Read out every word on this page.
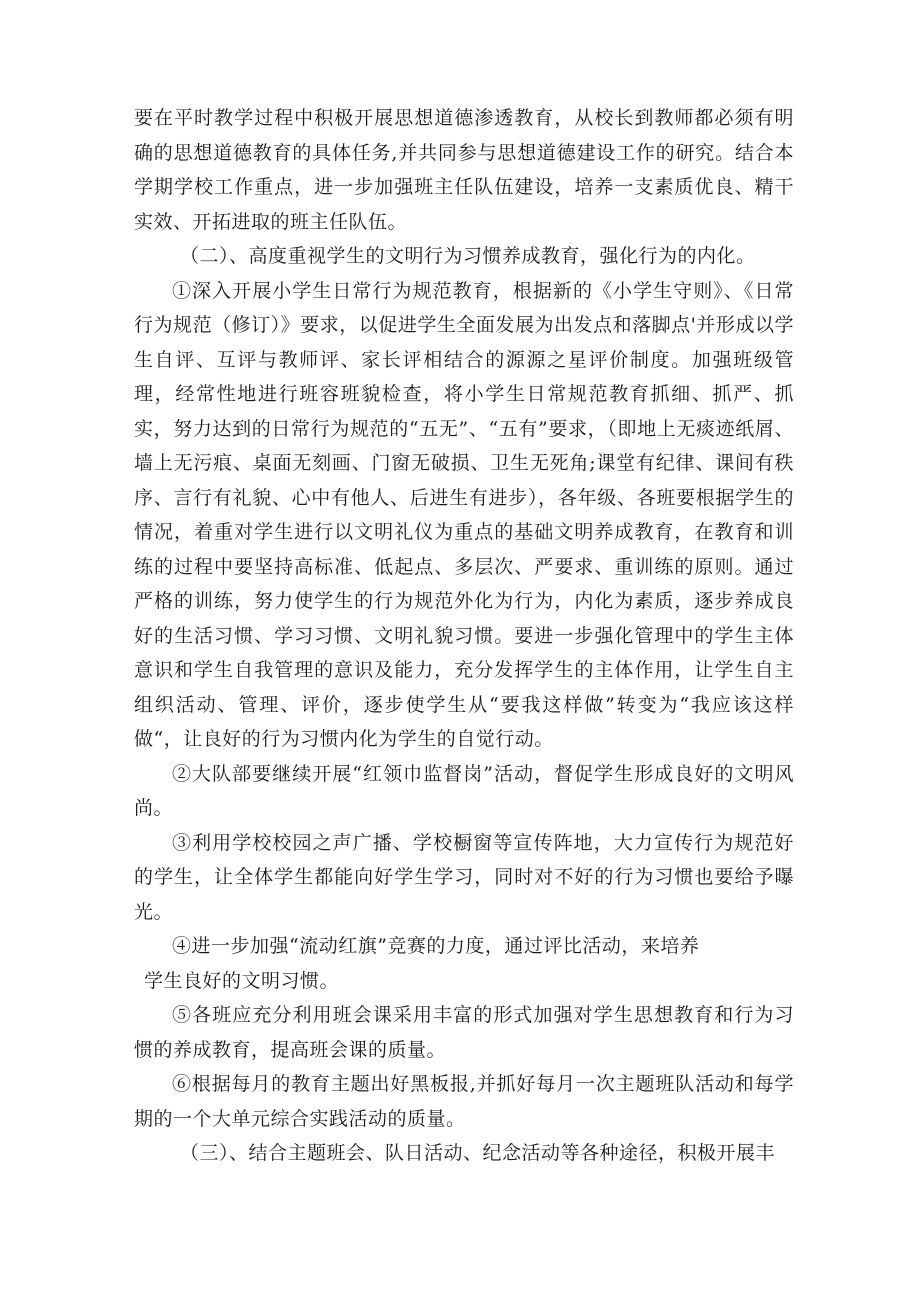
要在平时教学过程中积极开展思想道德渗透教育，从校长到教师都必须有明确的思想道德教育的具体任务,并共同参与思想道德建设工作的研究。结合本学期学校工作重点，进一步加强班主任队伍建设，培养一支素质优良、精干实效、开拓进取的班主任队伍。

（二）、高度重视学生的文明行为习惯养成教育，强化行为的内化。

①深入开展小学生日常行为规范教育，根据新的《小学生守则》、《日常行为规范（修订）》要求，以促进学生全面发展为出发点和落脚点'并形成以学生自评、互评与教师评、家长评相结合的源源之星评价制度。加强班级管理，经常性地进行班容班貌检查，将小学生日常规范教育抓细、抓严、抓实，努力达到的日常行为规范的“五无”、“五有”要求，（即地上无痰迹纸屑、墙上无污痕、桌面无刻画、门窗无破损、卫生无死角;课堂有纪律、课间有秩序、言行有礼貌、心中有他人、后进生有进步），各年级、各班要根据学生的情况，着重对学生进行以文明礼仪为重点的基础文明养成教育，在教育和训练的过程中要坚持高标准、低起点、多层次、严要求、重训练的原则。通过严格的训练，努力使学生的行为规范外化为行为，内化为素质，逐步养成良好的生活习惯、学习习惯、文明礼貌习惯。要进一步强化管理中的学生主体意识和学生自我管理的意识及能力，充分发挥学生的主体作用，让学生自主组织活动、管理、评价，逐步使学生从“要我这样做”转变为“我应该这样做“，让良好的行为习惯内化为学生的自觉行动。

②大队部要继续开展“红领巾监督岗”活动，督促学生形成良好的文明风尚。

③利用学校校园之声广播、学校橱窗等宣传阵地，大力宣传行为规范好的学生，让全体学生都能向好学生学习，同时对不好的行为习惯也要给予曝光。

④进一步加强“流动红旗”竞赛的力度，通过评比活动，来培养

学生良好的文明习惯。

⑤各班应充分利用班会课采用丰富的形式加强对学生思想教育和行为习惯的养成教育，提高班会课的质量。

⑥根据每月的教育主题出好黑板报,并抓好每月一次主题班队活动和每学期的一个大单元综合实践活动的质量。

（三）、结合主题班会、队日活动、纪念活动等各种途径，积极开展丰
